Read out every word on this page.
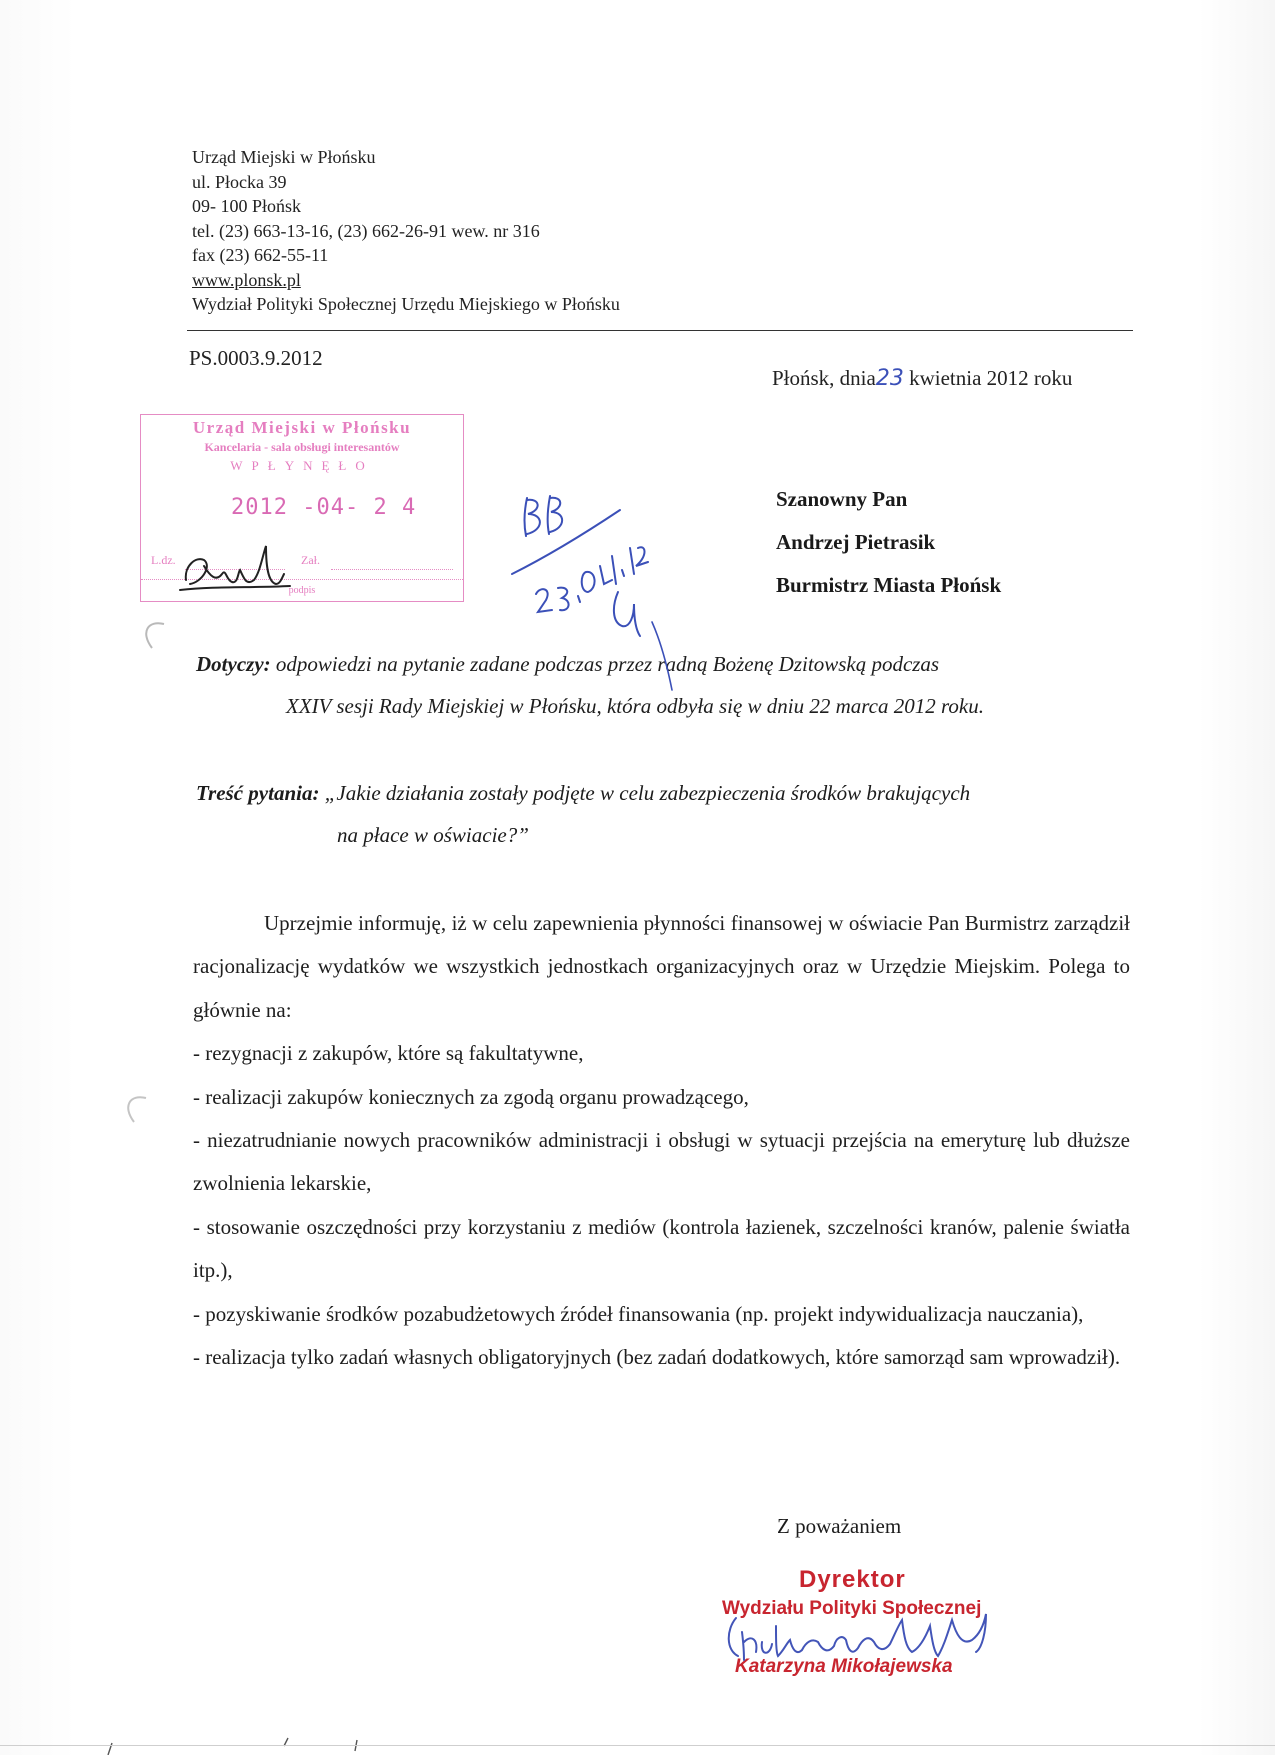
Urząd Miejski w Płońsku
ul. Płocka 39
09- 100 Płońsk
tel. (23) 663-13-16, (23) 662-26-91 wew. nr 316
fax (23) 662-55-11
www.plonsk.pl
Wydział Polityki Społecznej Urzędu Miejskiego w Płońsku
PS.0003.9.2012
Płońsk, dnia23 kwietnia 2012 roku
Urząd Miejski w Płońsku
Kancelaria - sala obsługi interesantów
WPŁYNĘŁO
2012 -04- 2 4
L.dz.	Zał.
podpis
Szanowny Pan
Andrzej Pietrasik
Burmistrz Miasta Płońsk
Dotyczy: odpowiedzi na pytanie zadane podczas przez radną Bożenę Dzitowską podczas
XXIV sesji Rady Miejskiej w Płońsku, która odbyła się w dniu 22 marca 2012 roku.
Treść pytania: „Jakie działania zostały podjęte w celu zabezpieczenia środków brakujących
na płace w oświacie?”

Uprzejmie informuję, iż w celu zapewnienia płynności finansowej w oświacie Pan Burmistrz zarządził racjonalizację wydatków we wszystkich jednostkach organizacyjnych oraz w Urzędzie Miejskim. Polega to głównie na:

- rezygnacji z zakupów, które są fakultatywne,

- realizacji zakupów koniecznych za zgodą organu prowadzącego,

- niezatrudnianie nowych pracowników administracji i obsługi w sytuacji przejścia na emeryturę lub dłuższe zwolnienia lekarskie,

- stosowanie oszczędności przy korzystaniu z mediów (kontrola łazienek, szczelności kranów, palenie światła itp.),

- pozyskiwanie środków pozabudżetowych źródeł finansowania (np. projekt indywidualizacja nauczania),

- realizacja tylko zadań własnych obligatoryjnych (bez zadań dodatkowych, które samorząd sam wprowadził).

Z poważaniem
Dyrektor
Wydziału Polityki Społecznej
Katarzyna Mikołajewska
